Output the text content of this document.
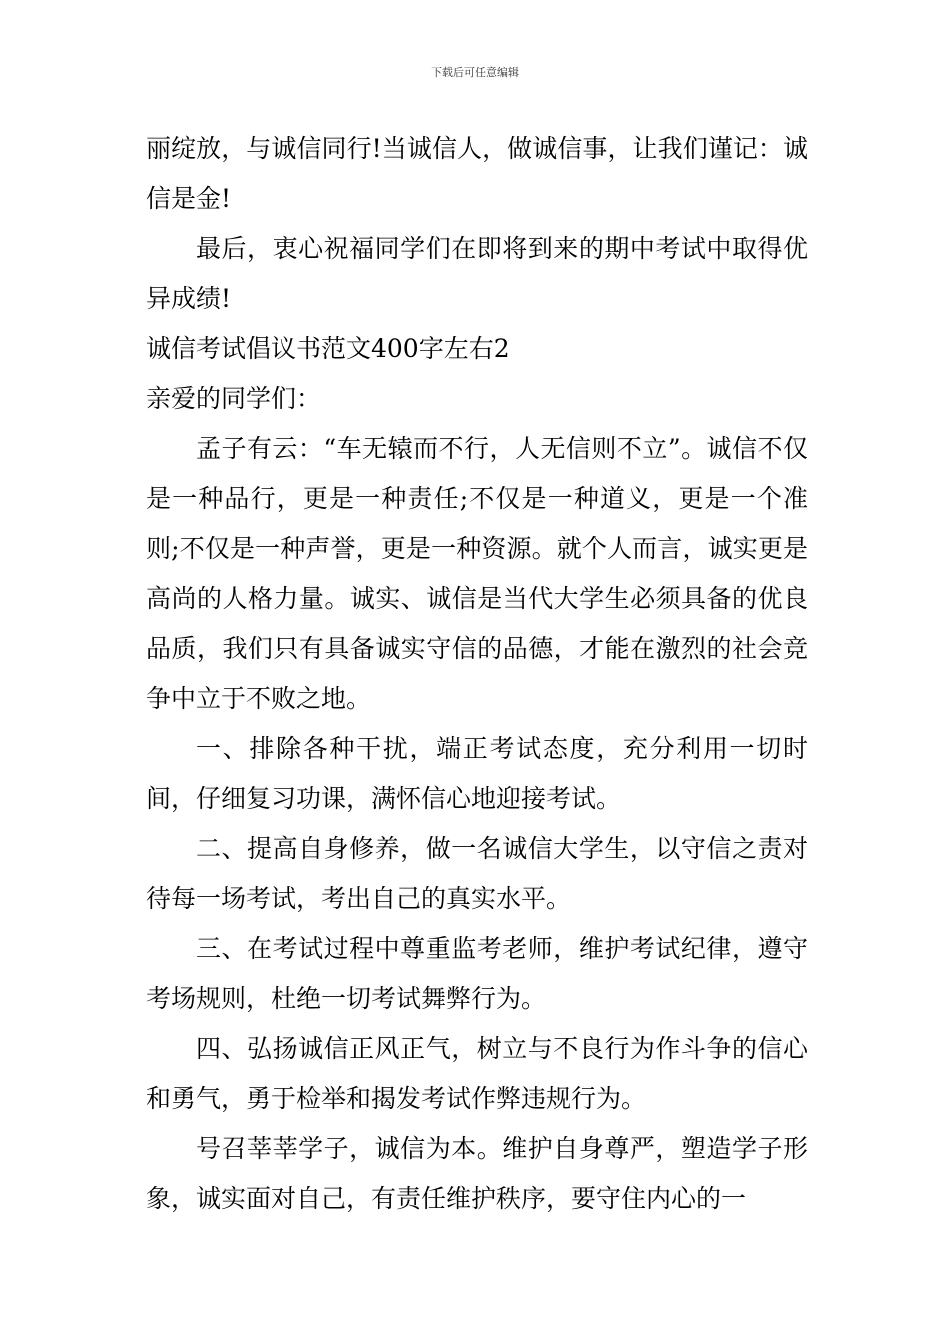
下载后可任意编辑

丽绽放，与诚信同行!当诚信人，做诚信事，让我们谨记：诚信是金!

最后，衷心祝福同学们在即将到来的期中考试中取得优异成绩!

诚信考试倡议书范文400字左右2

亲爱的同学们：

孟子有云：“车无辕而不行，人无信则不立”。诚信不仅是一种品行，更是一种责任;不仅是一种道义，更是一个准则;不仅是一种声誉，更是一种资源。就个人而言，诚实更是高尚的人格力量。诚实、诚信是当代大学生必须具备的优良品质，我们只有具备诚实守信的品德，才能在激烈的社会竞争中立于不败之地。

一、排除各种干扰，端正考试态度，充分利用一切时间，仔细复习功课，满怀信心地迎接考试。

二、提高自身修养，做一名诚信大学生，以守信之责对待每一场考试，考出自己的真实水平。

三、在考试过程中尊重监考老师，维护考试纪律，遵守考场规则，杜绝一切考试舞弊行为。

四、弘扬诚信正风正气，树立与不良行为作斗争的信心和勇气，勇于检举和揭发考试作弊违规行为。

号召莘莘学子，诚信为本。维护自身尊严，塑造学子形象，诚实面对自己，有责任维护秩序，要守住内心的一
